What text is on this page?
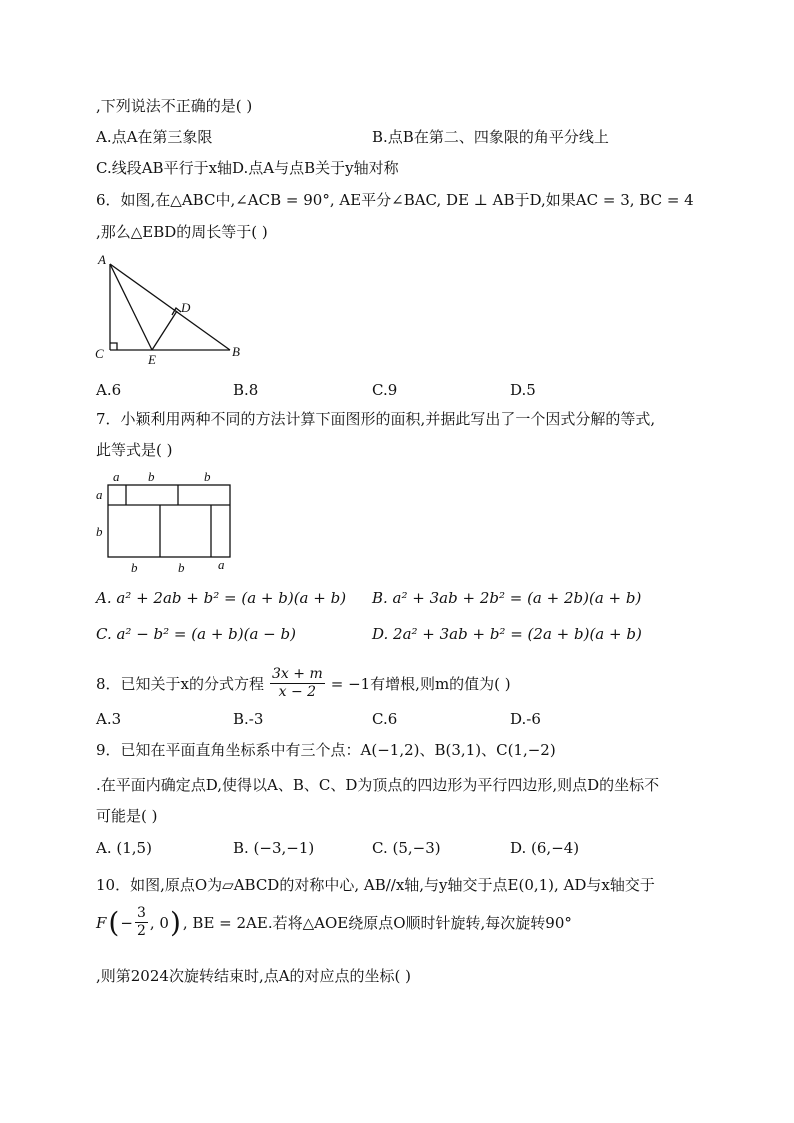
,下列说法不正确的是( )
A.点A在第三象限	B.点B在第二、四象限的角平分线上
C.线段AB平行于x轴D.点A与点B关于y轴对称
6．如图,在△ABC中,∠ACB = 90°, AE平分∠BAC, DE ⊥ AB于D,如果AC = 3, BC = 4
,那么△EBD的周长等于( )
A
C	E
B
D
A.6	B.8	C.9	D.5
7．小颖利用两种不同的方法计算下面图形的面积,并据此写出了一个因式分解的等式,
此等式是( )
a b	b
a
b
b	b	a
A. a² + 2ab + b² = (a + b)(a + b) B. a² + 3ab + 2b² = (a + 2b)(a + b)
C. a² − b² = (a + b)(a − b)	D. 2a² + 3ab + b² = (2a + b)(a + b)
8．已知关于x的分式方程 $\frac{3x + m}{x - 2} = -1$有增根,则m的值为( )
A.3	B.-3	C.6	D.-6
9．已知在平面直角坐标系中有三个点：A(−1,2)、B(3,1)、C(1,−2)
.在平面内确定点D,使得以A、B、C、D为顶点的四边形为平行四边形,则点D的坐标不
可能是( )
A. (1,5)	B. (−3,−1)	C. (5,−3)	D. (6,−4)
10．如图,原点O为▱ABCD的对称中心, AB//x轴,与y轴交于点E(0,1), AD与x轴交于
F ( − $\frac{3}{2}$ , 0 ) , BE = 2AE.若将△AOE绕原点O顺时针旋转,每次旋转90°
,则第2024次旋转结束时,点A的对应点的坐标( )
